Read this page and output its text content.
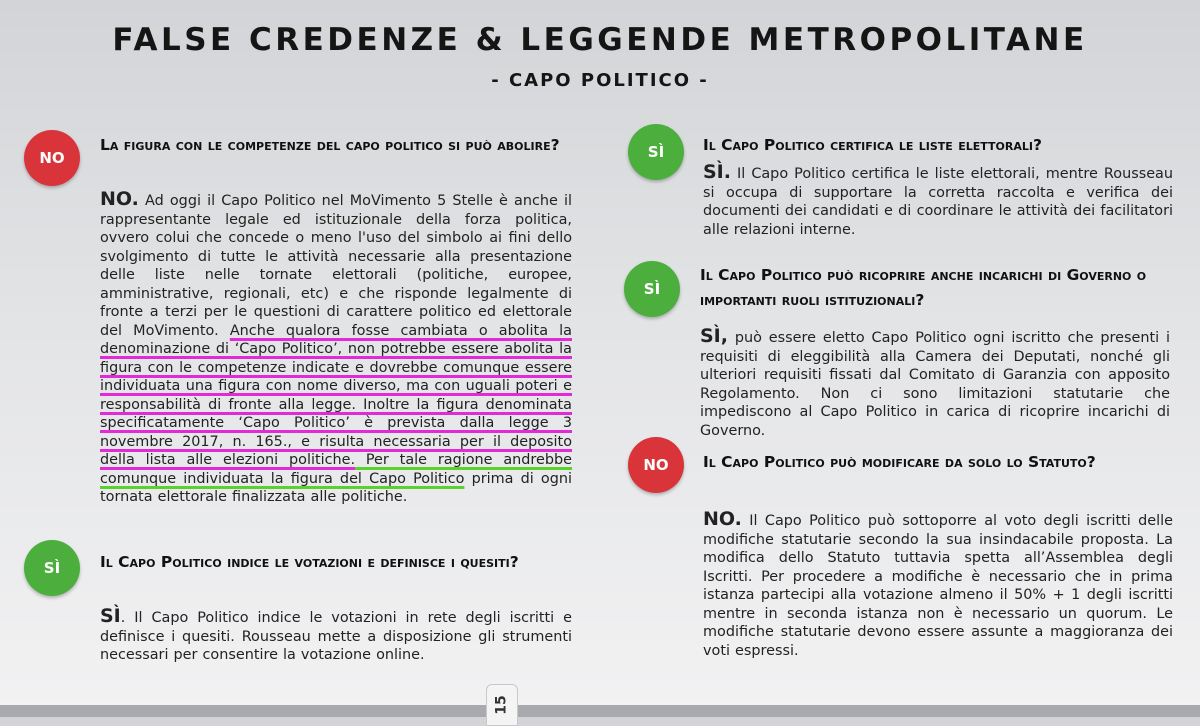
FALSE CREDENZE & LEGGENDE METROPOLITANE
- CAPO POLITICO -
NO
La figura con le competenze del capo politico si può abolire?
NO. Ad oggi il Capo Politico nel MoVimento 5 Stelle è anche il rappresentante legale ed istituzionale della forza politica, ovvero colui che concede o meno l'uso del simbolo ai fini dello svolgimento di tutte le attività necessarie alla presentazione delle liste nelle tornate elettorali (politiche, europee, amministrative, regionali, etc) e che risponde legalmente di fronte a terzi per le questioni di carattere politico ed elettorale del MoVimento. Anche qualora fosse cambiata o abolita la denominazione di ‘Capo Politico’, non potrebbe essere abolita la figura con le competenze indicate e dovrebbe comunque essere individuata una figura con nome diverso, ma con uguali poteri e responsabilità di fronte alla legge. Inoltre la figura denominata specificatamente ‘Capo Politico’ è prevista dalla legge 3 novembre 2017, n. 165., e risulta necessaria per il deposito della lista alle elezioni politiche. Per tale ragione andrebbe comunque individuata la figura del Capo Politico prima di ogni tornata elettorale finalizzata alle politiche.
SÌ	Il Capo Politico indice le votazioni e definisce i quesiti?
SÌ. Il Capo Politico indice le votazioni in rete degli iscritti e definisce i quesiti. Rousseau mette a disposizione gli strumenti necessari per consentire la votazione online.
SÌ	Il Capo Politico certifica le liste elettorali?
SÌ. Il Capo Politico certifica le liste elettorali, mentre Rousseau si occupa di supportare la corretta raccolta e verifica dei documenti dei candidati e di coordinare le attività dei facilitatori alle relazioni interne.
SÌ
Il Capo Politico può ricoprire anche incarichi di Governo o importanti ruoli istituzionali?
SÌ, può essere eletto Capo Politico ogni iscritto che presenti i requisiti di eleggibilità alla Camera dei Deputati, nonché gli ulteriori requisiti fissati dal Comitato di Garanzia con apposito Regolamento. Non ci sono limitazioni statutarie che impediscono al Capo Politico in carica di ricoprire incarichi di Governo.
NO	Il Capo Politico può modificare da solo lo Statuto?
NO. Il Capo Politico può sottoporre al voto degli iscritti delle modifiche statutarie secondo la sua insindacabile proposta. La modifica dello Statuto tuttavia spetta all’Assemblea degli Iscritti. Per procedere a modifiche è necessario che in prima istanza partecipi alla votazione almeno il 50% + 1 degli iscritti mentre in seconda istanza non è necessario un quorum. Le modifiche statutarie devono essere assunte a maggioranza dei voti espressi.
15
